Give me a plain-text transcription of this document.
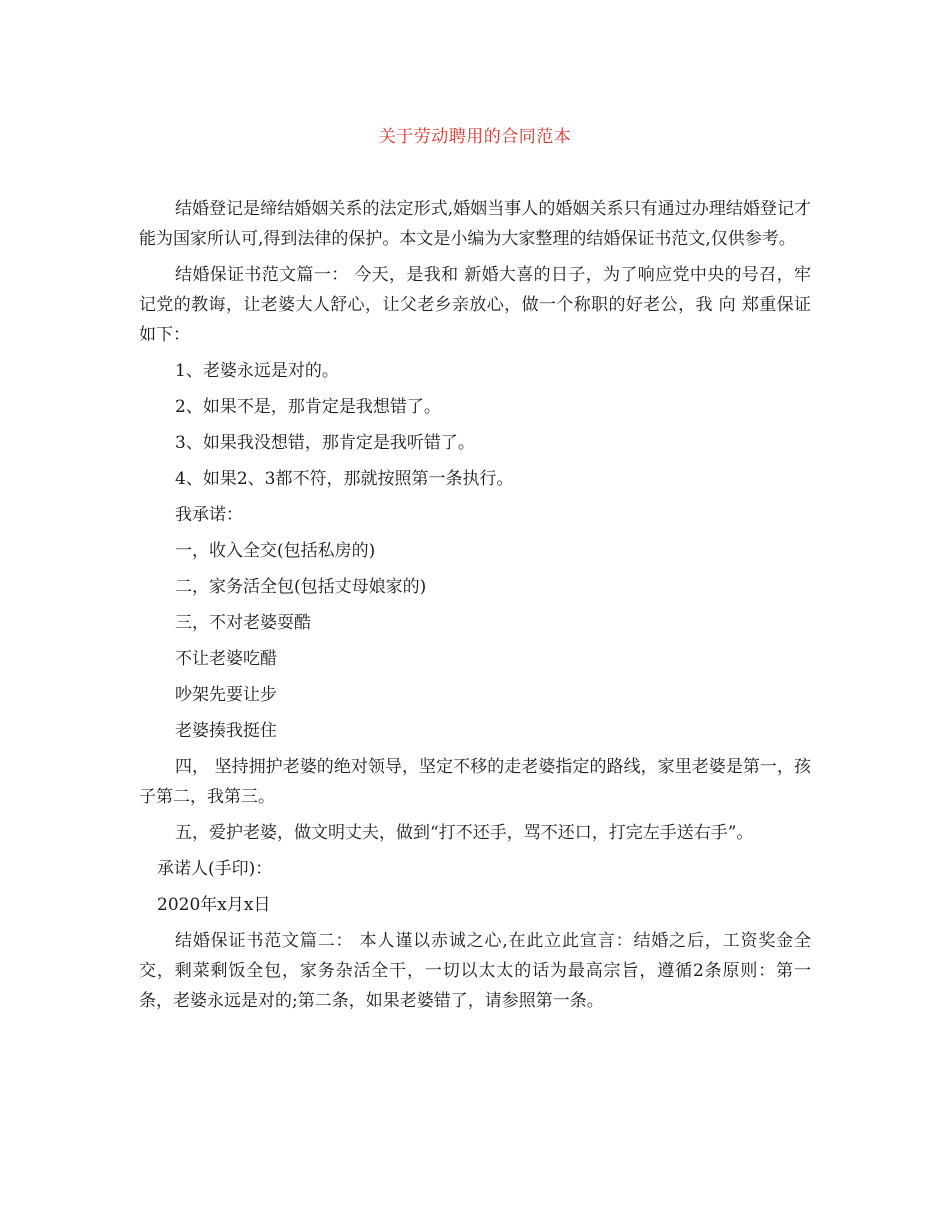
关于劳动聘用的合同范本

结婚登记是缔结婚姻关系的法定形式,婚姻当事人的婚姻关系只有通过办理结婚登记才能为国家所认可,得到法律的保护。本文是小编为大家整理的结婚保证书范文,仅供参考。

结婚保证书范文篇一： 今天，是我和 新婚大喜的日子，为了响应党中央的号召，牢记党的教诲，让老婆大人舒心，让父老乡亲放心，做一个称职的好老公，我 向 郑重保证如下：

1、老婆永远是对的。

2、如果不是，那肯定是我想错了。

3、如果我没想错，那肯定是我听错了。

4、如果2、3都不符，那就按照第一条执行。

我承诺：

一，收入全交(包括私房的)

二，家务活全包(包括丈母娘家的)

三，不对老婆耍酷

不让老婆吃醋

吵架先要让步

老婆揍我挺住

四， 坚持拥护老婆的绝对领导，坚定不移的走老婆指定的路线，家里老婆是第一，孩子第二，我第三。

五，爱护老婆，做文明丈夫，做到“打不还手，骂不还口，打完左手送右手”。

承诺人(手印)：

2020年x月x日

结婚保证书范文篇二： 本人谨以赤诚之心,在此立此宣言：结婚之后，工资奖金全交，剩菜剩饭全包，家务杂活全干，一切以太太的话为最高宗旨，遵循2条原则：第一条，老婆永远是对的;第二条，如果老婆错了，请参照第一条。
